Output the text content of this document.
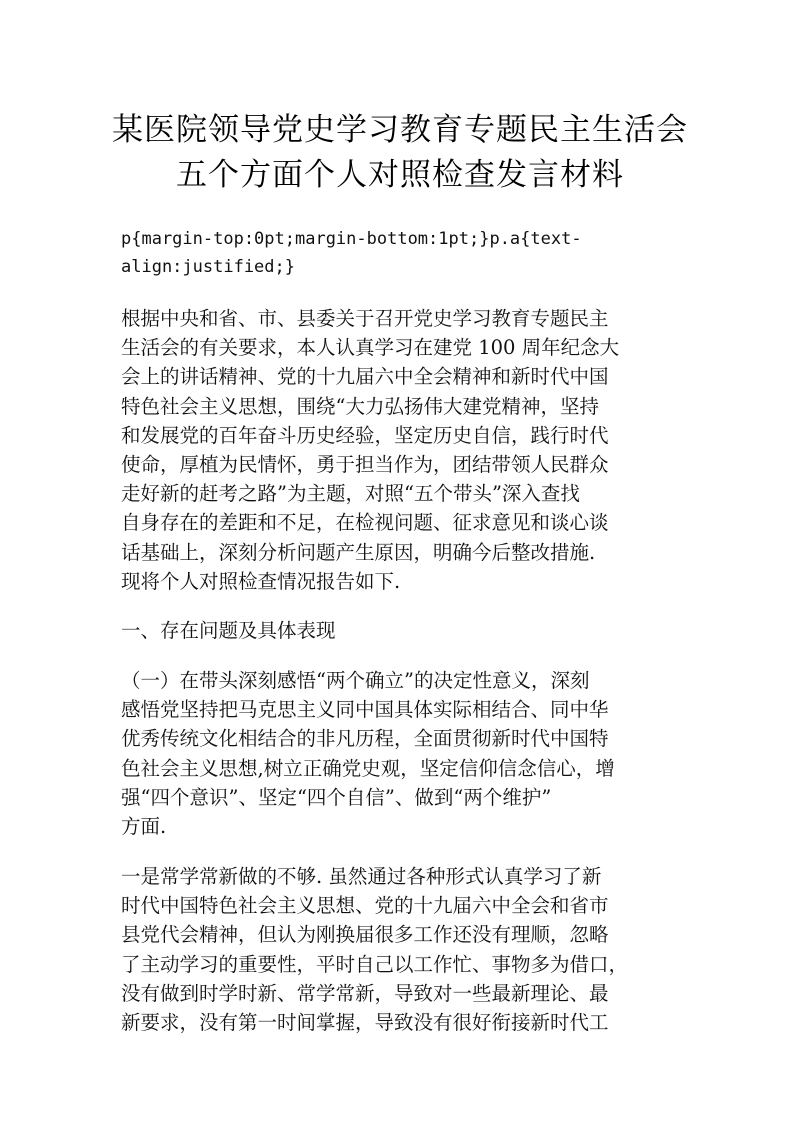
某医院领导党史学习教育专题民主生活会
五个方面个人对照检查发言材料
p{margin-top:0pt;margin-bottom:1pt;}p.a{text-
align:justified;}
根据中央和省、市、县委关于召开党史学习教育专题民主
生活会的有关要求，本人认真学习在建党 100 周年纪念大
会上的讲话精神、党的十九届六中全会精神和新时代中国
特色社会主义思想，围绕“大力弘扬伟大建党精神，坚持
和发展党的百年奋斗历史经验，坚定历史自信，践行时代
使命，厚植为民情怀，勇于担当作为，团结带领人民群众
走好新的赶考之路”为主题，对照“五个带头”深入查找
自身存在的差距和不足，在检视问题、征求意见和谈心谈
话基础上，深刻分析问题产生原因，明确今后整改措施.
现将个人对照检查情况报告如下.
一、存在问题及具体表现
（一）在带头深刻感悟“两个确立”的决定性意义，深刻
感悟党坚持把马克思主义同中国具体实际相结合、同中华
优秀传统文化相结合的非凡历程，全面贯彻新时代中国特
色社会主义思想,树立正确党史观，坚定信仰信念信心，增
强“四个意识”、坚定“四个自信”、做到“两个维护”
方面.
一是常学常新做的不够. 虽然通过各种形式认真学习了新
时代中国特色社会主义思想、党的十九届六中全会和省市
县党代会精神，但认为刚换届很多工作还没有理顺，忽略
了主动学习的重要性，平时自己以工作忙、事物多为借口，
没有做到时学时新、常学常新，导致对一些最新理论、最
新要求，没有第一时间掌握，导致没有很好衔接新时代工
